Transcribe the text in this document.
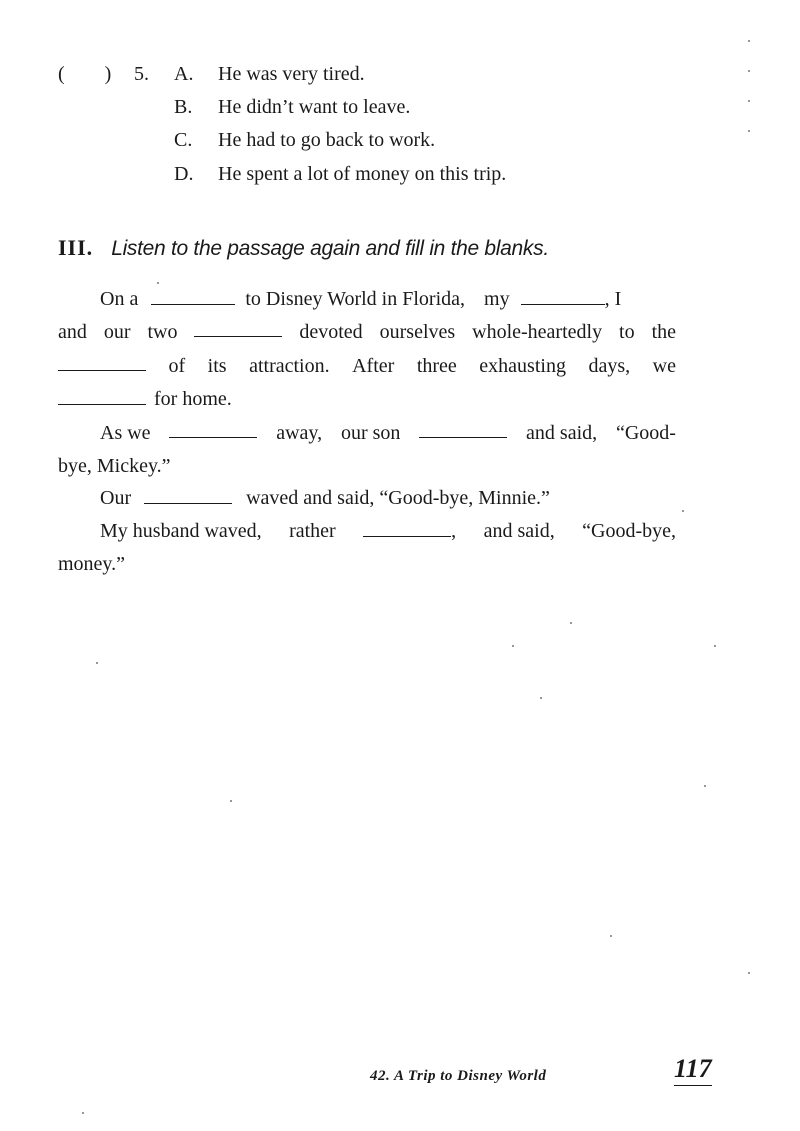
(　　) 5. A. He was very tired.
B. He didn’t want to leave.
C. He had to go back to work.
D. He spent a lot of money on this trip.
III. Listen to the passage again and fill in the blanks.
On a	to Disney World in Florida, my	, I
and our two	devoted ourselves whole-heartedly to the
of its attraction. After three exhausting days, we
for home.
As we	away, our son	and said, “Good-
bye, Mickey.”
Our	waved and said, “Good-bye, Minnie.”
My husband waved, rather	, and said, “Good-bye,
money.”
42. A Trip to Disney World	117
